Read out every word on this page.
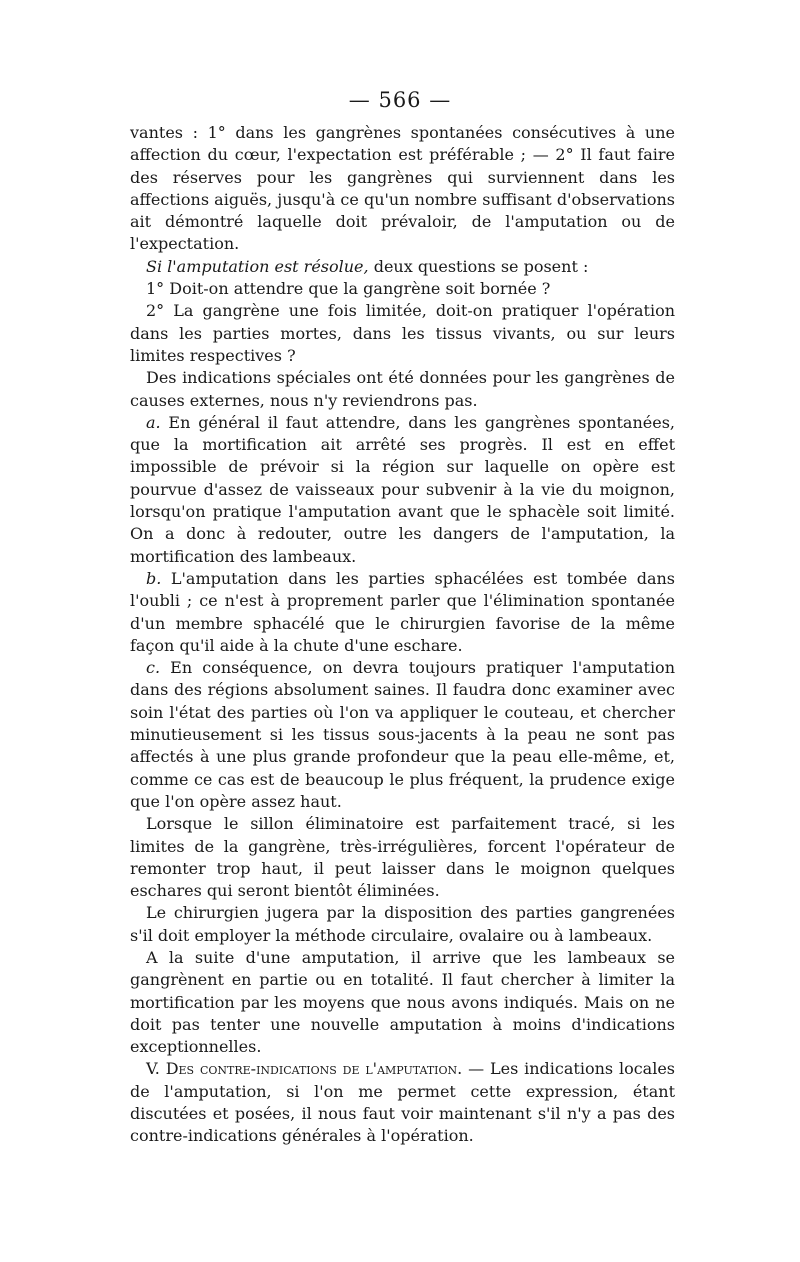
— 566 —

vantes : 1° dans les gangrènes spontanées consécutives à une affection du cœur, l'expectation est préférable ; — 2° Il faut faire des réserves pour les gangrènes qui surviennent dans les affections aiguës, jusqu'à ce qu'un nombre suffisant d'observations ait démontré laquelle doit prévaloir, de l'amputation ou de l'expectation.

Si l'amputation est résolue, deux questions se posent :

1° Doit-on attendre que la gangrène soit bornée ?

2° La gangrène une fois limitée, doit-on pratiquer l'opération dans les parties mortes, dans les tissus vivants, ou sur leurs limites respectives ?

Des indications spéciales ont été données pour les gangrènes de causes externes, nous n'y reviendrons pas.

a. En général il faut attendre, dans les gangrènes spontanées, que la mortification ait arrêté ses progrès. Il est en effet impossible de prévoir si la région sur laquelle on opère est pourvue d'assez de vaisseaux pour subvenir à la vie du moignon, lorsqu'on pratique l'amputation avant que le sphacèle soit limité. On a donc à redouter, outre les dangers de l'amputation, la mortification des lambeaux.

b. L'amputation dans les parties sphacélées est tombée dans l'oubli ; ce n'est à proprement parler que l'élimination spontanée d'un membre sphacélé que le chirurgien favorise de la même façon qu'il aide à la chute d'une eschare.

c. En conséquence, on devra toujours pratiquer l'amputation dans des régions absolument saines. Il faudra donc examiner avec soin l'état des parties où l'on va appliquer le couteau, et chercher minutieusement si les tissus sous-jacents à la peau ne sont pas affectés à une plus grande profondeur que la peau elle-même, et, comme ce cas est de beaucoup le plus fréquent, la prudence exige que l'on opère assez haut.

Lorsque le sillon éliminatoire est parfaitement tracé, si les limites de la gangrène, très-irrégulières, forcent l'opérateur de remonter trop haut, il peut laisser dans le moignon quelques eschares qui seront bientôt éliminées.

Le chirurgien jugera par la disposition des parties gangrenées s'il doit employer la méthode circulaire, ovalaire ou à lambeaux.

A la suite d'une amputation, il arrive que les lambeaux se gangrènent en partie ou en totalité. Il faut chercher à limiter la mortification par les moyens que nous avons indiqués. Mais on ne doit pas tenter une nouvelle amputation à moins d'indications exceptionnelles.

V. Des contre-indications de l'amputation. — Les indications locales de l'amputation, si l'on me permet cette expression, étant discutées et posées, il nous faut voir maintenant s'il n'y a pas des contre-indications générales à l'opération.
